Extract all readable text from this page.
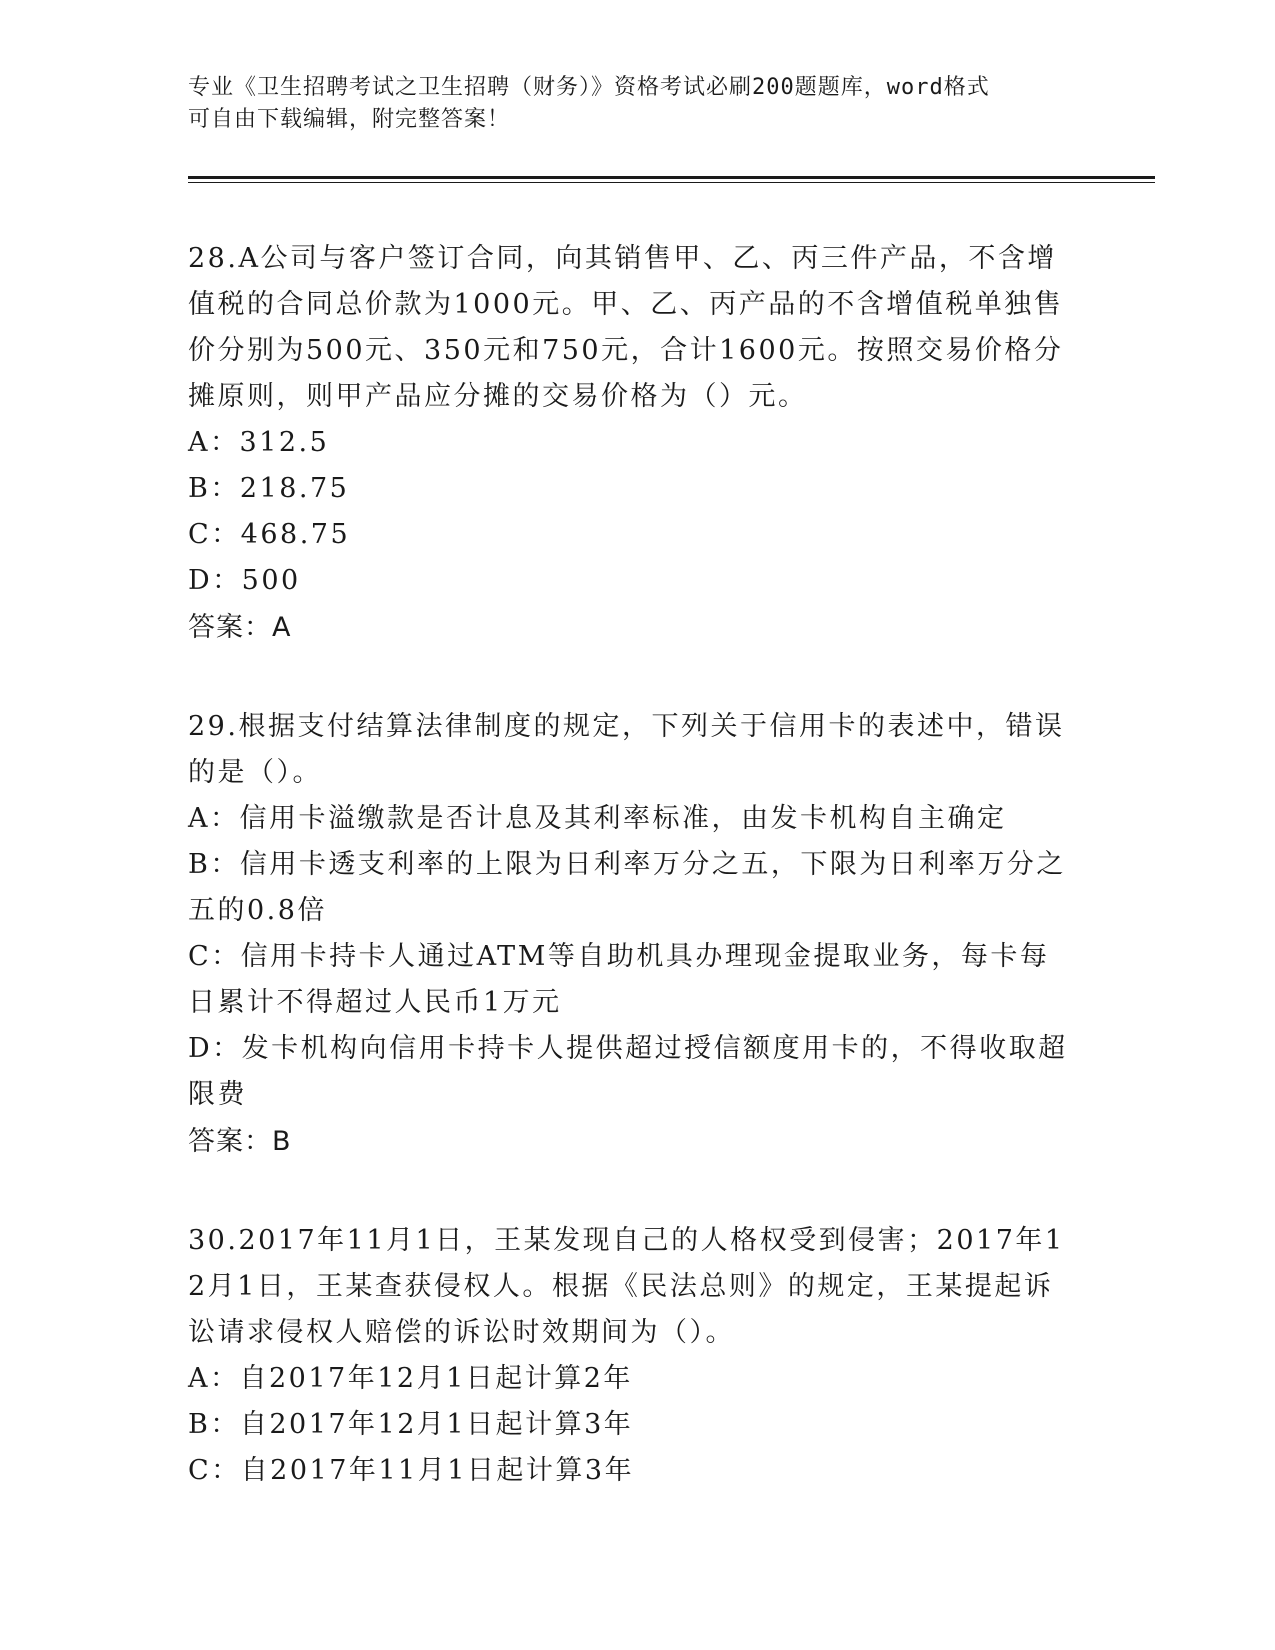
专业《卫生招聘考试之卫生招聘（财务）》资格考试必刷200题题库，word格式
可自由下载编辑，附完整答案！

28.A公司与客户签订合同，向其销售甲、乙、丙三件产品，不含增值税的合同总价款为1000元。甲、乙、丙产品的不含增值税单独售价分别为500元、350元和750元，合计1600元。按照交易价格分摊原则，则甲产品应分摊的交易价格为（）元。

A：312.5

B：218.75

C：468.75

D：500

答案：A

29.根据支付结算法律制度的规定，下列关于信用卡的表述中，错误的是（）。

A：信用卡溢缴款是否计息及其利率标准，由发卡机构自主确定

B：信用卡透支利率的上限为日利率万分之五，下限为日利率万分之五的0.8倍

C：信用卡持卡人通过ATM等自助机具办理现金提取业务，每卡每日累计不得超过人民币1万元

D：发卡机构向信用卡持卡人提供超过授信额度用卡的，不得收取超限费

答案：B

30.2017年11月1日，王某发现自己的人格权受到侵害；2017年12月1日，王某查获侵权人。根据《民法总则》的规定，王某提起诉讼请求侵权人赔偿的诉讼时效期间为（）。

A：自2017年12月1日起计算2年

B：自2017年12月1日起计算3年

C：自2017年11月1日起计算3年
